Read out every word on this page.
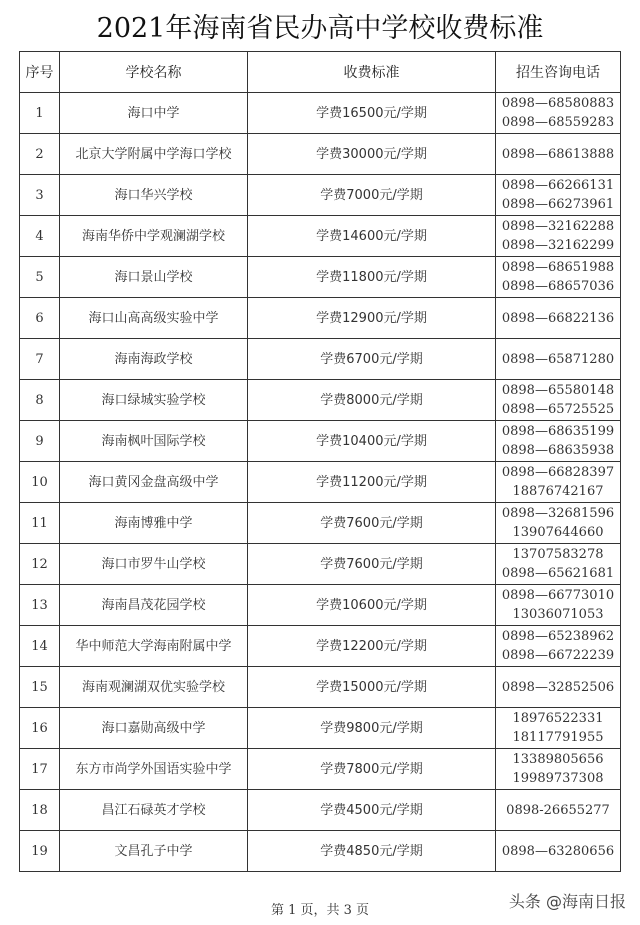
2021年海南省民办高中学校收费标准
序号	学校名称	收费标准	招生咨询电话
1	海口中学	学费16500元/学期	0898—68580883
0898—68559283

2	北京大学附属中学海口学校	学费30000元/学期	0898—68613888

3	海口华兴学校	学费7000元/学期	0898—66266131
0898—66273961

4	海南华侨中学观澜湖学校	学费14600元/学期	0898—32162288
0898—32162299

5	海口景山学校	学费11800元/学期	0898—68651988
0898—68657036

6	海口山高高级实验中学	学费12900元/学期	0898—66822136

7	海南海政学校	学费6700元/学期	0898—65871280

8	海口绿城实验学校	学费8000元/学期	0898—65580148
0898—65725525

9	海南枫叶国际学校	学费10400元/学期	0898—68635199
0898—68635938

10	海口黄冈金盘高级中学	学费11200元/学期	0898—66828397
18876742167

11	海南博雅中学	学费7600元/学期	0898—32681596
13907644660

12	海口市罗牛山学校	学费7600元/学期	13707583278
0898—65621681

13	海南昌茂花园学校	学费10600元/学期	0898—66773010
13036071053

14	华中师范大学海南附属中学	学费12200元/学期	0898—65238962
0898—66722239

15	海南观澜湖双优实验学校	学费15000元/学期	0898—32852506

16	海口嘉勋高级中学	学费9800元/学期	18976522331
18117791955

17	东方市尚学外国语实验中学	学费7800元/学期	13389805656
19989737308

18	昌江石碌英才学校	学费4500元/学期	0898-26655277

19	文昌孔子中学	学费4850元/学期	0898—63280656
第 1 页，共 3 页	头条 @海南日报
